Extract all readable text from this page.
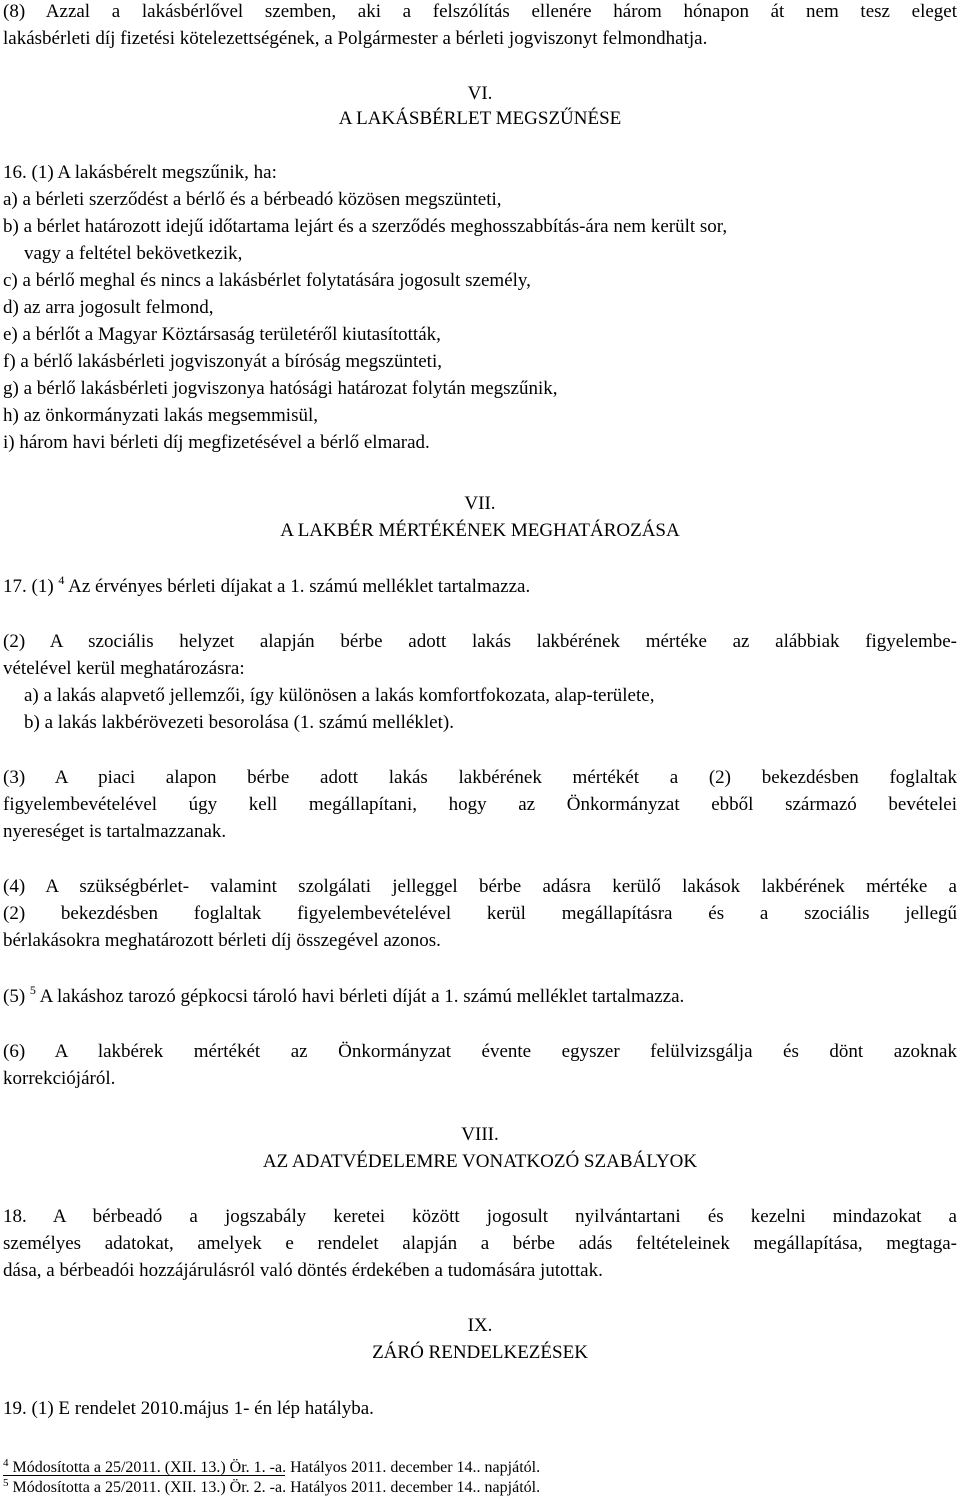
(8) Azzal a lakásbérlővel szemben, aki a felszólítás ellenére három hónapon át nem tesz eleget
lakásbérleti díj fizetési kötelezettségének, a Polgármester a bérleti jogviszonyt felmondhatja.
VI.
A LAKÁSBÉRLET MEGSZŰNÉSE
16. (1) A lakásbérelt megszűnik, ha:
a) a bérleti szerződést a bérlő és a bérbeadó közösen megszünteti,
b) a bérlet határozott idejű időtartama lejárt és a szerződés meghosszabbítás-ára nem került sor,
vagy a feltétel bekövetkezik,
c) a bérlő meghal és nincs a lakásbérlet folytatására jogosult személy,
d) az arra jogosult felmond,
e) a bérlőt a Magyar Köztársaság területéről kiutasították,
f) a bérlő lakásbérleti jogviszonyát a bíróság megszünteti,
g) a bérlő lakásbérleti jogviszonya hatósági határozat folytán megszűnik,
h) az önkormányzati lakás megsemmisül,
i) három havi bérleti díj megfizetésével a bérlő elmarad.
VII.
A LAKBÉR MÉRTÉKÉNEK MEGHATÁROZÁSA
17. (1) $^4$ Az érvényes bérleti díjakat a 1. számú melléklet tartalmazza.
(2) A szociális helyzet alapján bérbe adott lakás lakbérének mértéke az alábbiak figyelembe-
vételével kerül meghatározásra:
a) a lakás alapvető jellemzői, így különösen a lakás komfortfokozata, alap-területe,
b) a lakás lakbérövezeti besorolása (1. számú melléklet).
(3) A piaci alapon bérbe adott lakás lakbérének mértékét a (2) bekezdésben foglaltak
figyelembevételével úgy kell megállapítani, hogy az Önkormányzat ebből származó bevételei
nyereséget is tartalmazzanak.
(4) A szükségbérlet- valamint szolgálati jelleggel bérbe adásra kerülő lakások lakbérének mértéke a
(2) bekezdésben foglaltak figyelembevételével kerül megállapításra és a szociális jellegű
bérlakásokra meghatározott bérleti díj összegével azonos.
(5) $^5$ A lakáshoz tarozó gépkocsi tároló havi bérleti díját a 1. számú melléklet tartalmazza.
(6) A lakbérek mértékét az Önkormányzat évente egyszer felülvizsgálja és dönt azoknak
korrekciójáról.
VIII.
AZ ADATVÉDELEMRE VONATKOZÓ SZABÁLYOK
18. A bérbeadó a jogszabály keretei között jogosult nyilvántartani és kezelni mindazokat a
személyes adatokat, amelyek e rendelet alapján a bérbe adás feltételeinek megállapítása, megtaga-
dása, a bérbeadói hozzájárulásról való döntés érdekében a tudomására jutottak.
IX.
ZÁRÓ RENDELKEZÉSEK
19. (1) E rendelet 2010.május 1- én lép hatályba.
$^4$ Módosította a 25/2011. (XII. 13.) Ör. 1. -a. Hatályos 2011. december 14.. napjától.
$^5$ Módosította a 25/2011. (XII. 13.) Ör. 2. -a. Hatályos 2011. december 14.. napjától.
